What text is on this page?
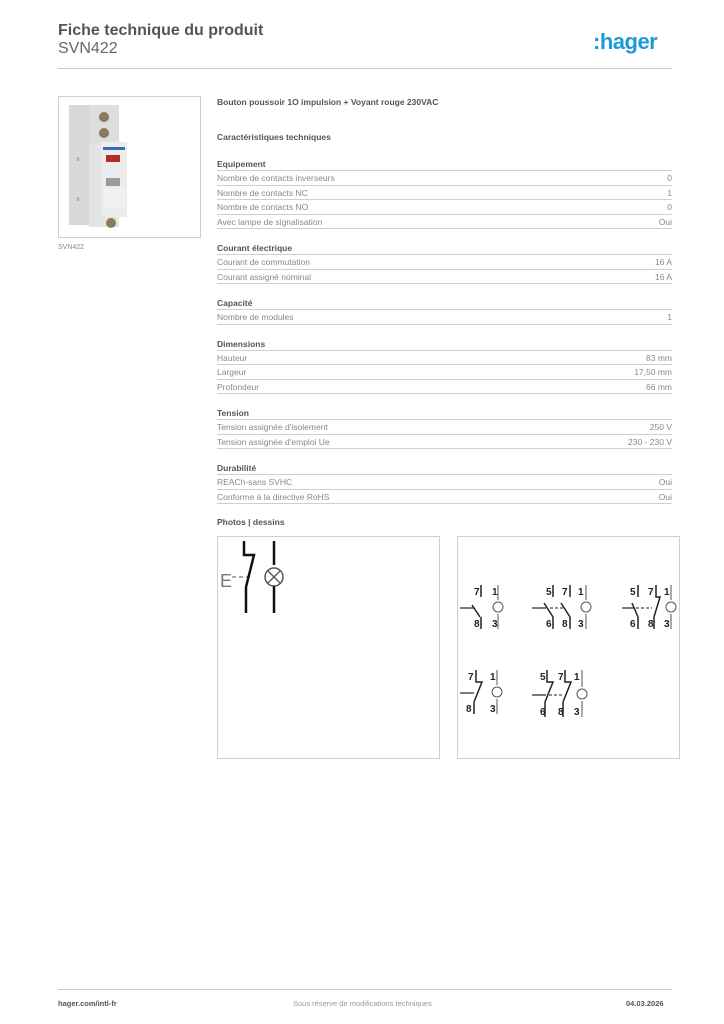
Fiche technique du produit
SVN422	:hager
SVN422
Bouton poussoir 1O impulsion + Voyant rouge 230VAC
Caractéristiques techniques
Equipement
Nombre de contacts inverseurs	0
Nombre de contacts NC	1
Nombre de contacts NO	0
Avec lampe de signalisation	Oui
Courant électrique
Courant de commutation	16 A
Courant assigné nominal	16 A
Capacité
Nombre de modules	1
Dimensions
Hauteur	83 mm
Largeur	17,50 mm
Profondeur	66 mm
Tension
Tension assignée d'isolement	250 V
Tension assignée d'emploi Ue	230 - 230 V
Durabilité
REACh-sans SVHC	Oui
Conforme à la directive RoHS	Oui
Photos | dessins
E
7
8
1
3
5
6
7
8
1
3
5
6
7
8
1
3
7
8
1
3
5
6
7
8
1
3
hager.com/intl-fr	Sous réserve de modifications techniques	04.03.2026
